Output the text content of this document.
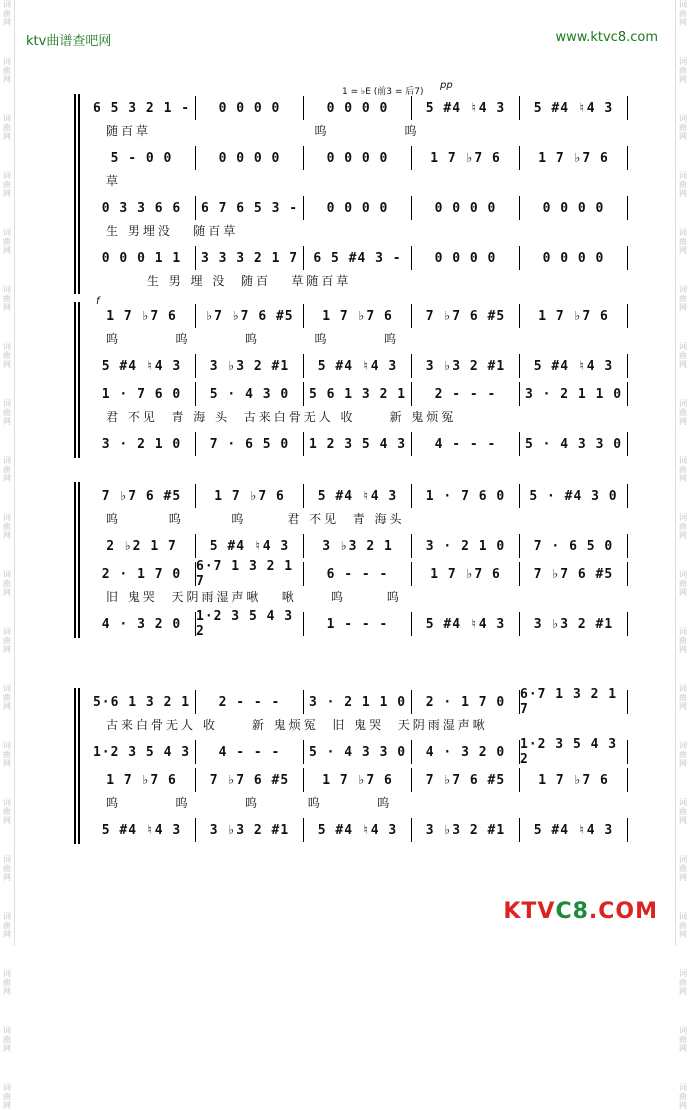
词 曲 网
词 曲 网
词 曲 网
词 曲 网
词 曲 网
词 曲 网
词 曲 网
词 曲 网
词 曲 网
词 曲 网
词 曲 网
词 曲 网
词 曲 网
词 曲 网
词 曲 网
词 曲 网
词 曲 网
词 曲 网
词 曲 网
词 曲 网
词 曲 网
词 曲 网
词 曲 网
词 曲 网
词 曲 网
词 曲 网
词 曲 网
词 曲 网
词 曲 网
词 曲 网
词 曲 网
词 曲 网
词 曲 网
词 曲 网
词 曲 网
词 曲 网
词 曲 网
词 曲 网
词 曲 网
词 曲 网
ktv曲谱查吧网	www.ktvc8.com
1 = ♭E (前3 = 后7)
pp
f
6 5 3 2 1 -	0 0 0 0	0 0 0 0	5 #4 ♮4 3	5 #4 ♮4 3
随百草                        呜           呜
5 - 0 0	0 0 0 0	0 0 0 0	1 7 ♭7 6	1 7 ♭7 6
草
0 3 3 6 6	6 7 6 5 3 -	0 0 0 0	0 0 0 0	0 0 0 0
生 男埋没   随百草
0 0 0 1 1	3 3 3 2 1 7	6 5 #4 3 -	0 0 0 0	0 0 0 0
生 男 埋 没  随百   草随百草
1 7 ♭7 6	♭7 ♭7 6 #5	1 7 ♭7 6	7 ♭7 6 #5	1 7 ♭7 6
呜        呜        呜        呜        呜
5 #4 ♮4 3	3 ♭3 2 #1	5 #4 ♮4 3	3 ♭3 2 #1	5 #4 ♮4 3
1 · 7 6 0	5 · 4 3 0	5 6 1 3 2 1	2 - - -	3 · 2 1 1 0
君 不见  青 海 头  古来白骨无人 收     新 鬼烦冤
3 · 2 1 0	7 · 6 5 0	1 2 3 5 4 3	4 - - -	5 · 4 3 3 0
7 ♭7 6 #5	1 7 ♭7 6	5 #4 ♮4 3	1 · 7 6 0	5 · #4 3 0
呜       呜       呜      君 不见  青 海头
2 ♭2 1 7	5 #4 ♮4 3	3 ♭3 2 1	3 · 2 1 0	7 · 6 5 0
2 · 1 7 0	6·7 1 3 2 1 7	6 - - -	1 7 ♭7 6	7 ♭7 6 #5
旧 鬼哭  天阴雨湿声啾   啾     呜      呜
4 · 3 2 0	1·2 3 5 4 3 2	1 - - -	5 #4 ♮4 3	3 ♭3 2 #1
5·6 1 3 2 1	2 - - -	3 · 2 1 1 0	2 · 1 7 0	6·7 1 3 2 1 7
古来白骨无人 收     新 鬼烦冤  旧 鬼哭  天阴雨湿声啾
1·2 3 5 4 3	4 - - -	5 · 4 3 3 0	4 · 3 2 0	1·2 3 5 4 3 2
1 7 ♭7 6	7 ♭7 6 #5	1 7 ♭7 6	7 ♭7 6 #5	1 7 ♭7 6
呜        呜        呜       呜        呜
5 #4 ♮4 3	3 ♭3 2 #1	5 #4 ♮4 3	3 ♭3 2 #1	5 #4 ♮4 3
KTVC8.COM
